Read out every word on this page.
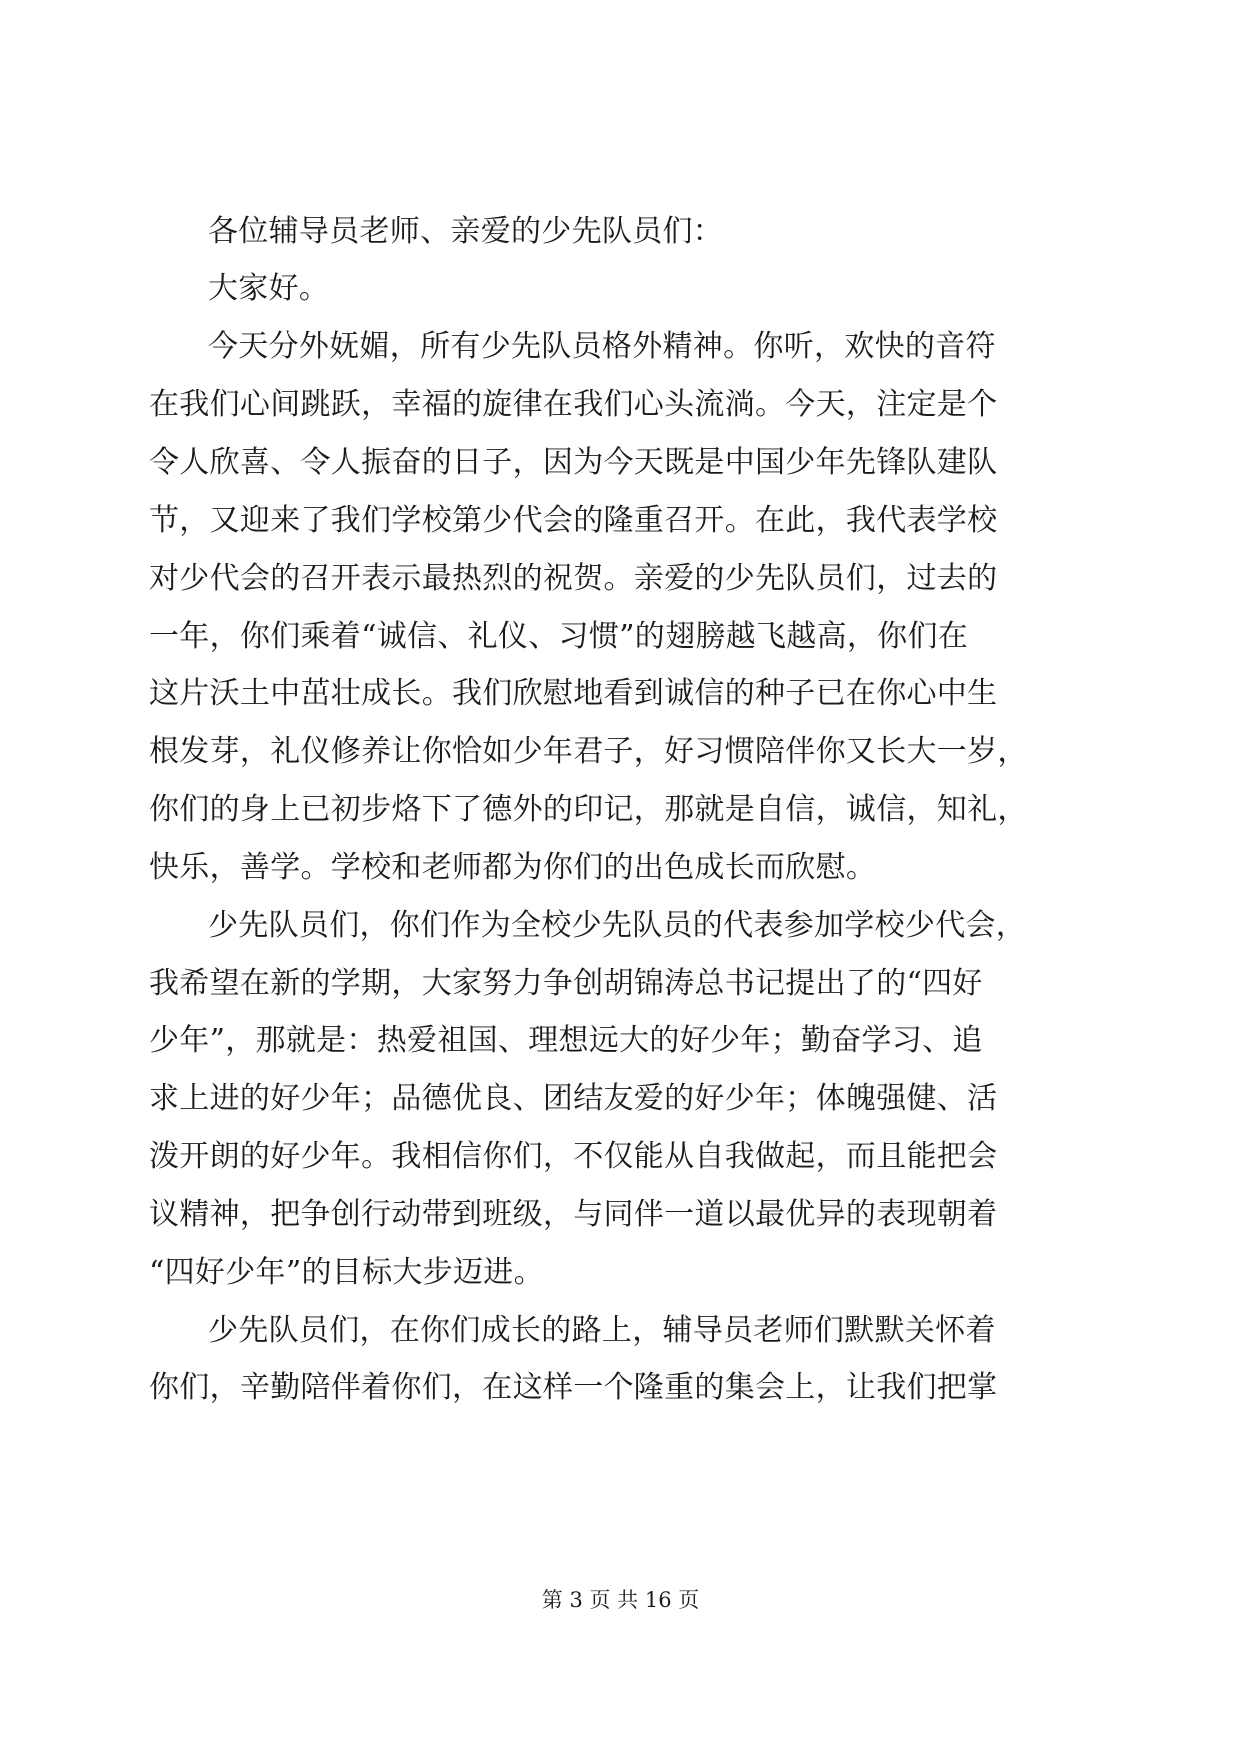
各位辅导员老师、亲爱的少先队员们：
大家好。
今天分外妩媚，所有少先队员格外精神。你听，欢快的音符
在我们心间跳跃，幸福的旋律在我们心头流淌。今天，注定是个
令人欣喜、令人振奋的日子，因为今天既是中国少年先锋队建队
节，又迎来了我们学校第少代会的隆重召开。在此，我代表学校
对少代会的召开表示最热烈的祝贺。亲爱的少先队员们，过去的
一年，你们乘着“诚信、礼仪、习惯”的翅膀越飞越高，你们在
这片沃土中茁壮成长。我们欣慰地看到诚信的种子已在你心中生
根发芽，礼仪修养让你恰如少年君子，好习惯陪伴你又长大一岁，
你们的身上已初步烙下了德外的印记，那就是自信，诚信，知礼，
快乐，善学。学校和老师都为你们的出色成长而欣慰。
少先队员们，你们作为全校少先队员的代表参加学校少代会，
我希望在新的学期，大家努力争创胡锦涛总书记提出了的“四好
少年”，那就是：热爱祖国、理想远大的好少年；勤奋学习、追
求上进的好少年；品德优良、团结友爱的好少年；体魄强健、活
泼开朗的好少年。我相信你们，不仅能从自我做起，而且能把会
议精神，把争创行动带到班级，与同伴一道以最优异的表现朝着
“四好少年”的目标大步迈进。
少先队员们，在你们成长的路上，辅导员老师们默默关怀着
你们，辛勤陪伴着你们，在这样一个隆重的集会上，让我们把掌
第 3 页 共 16 页
